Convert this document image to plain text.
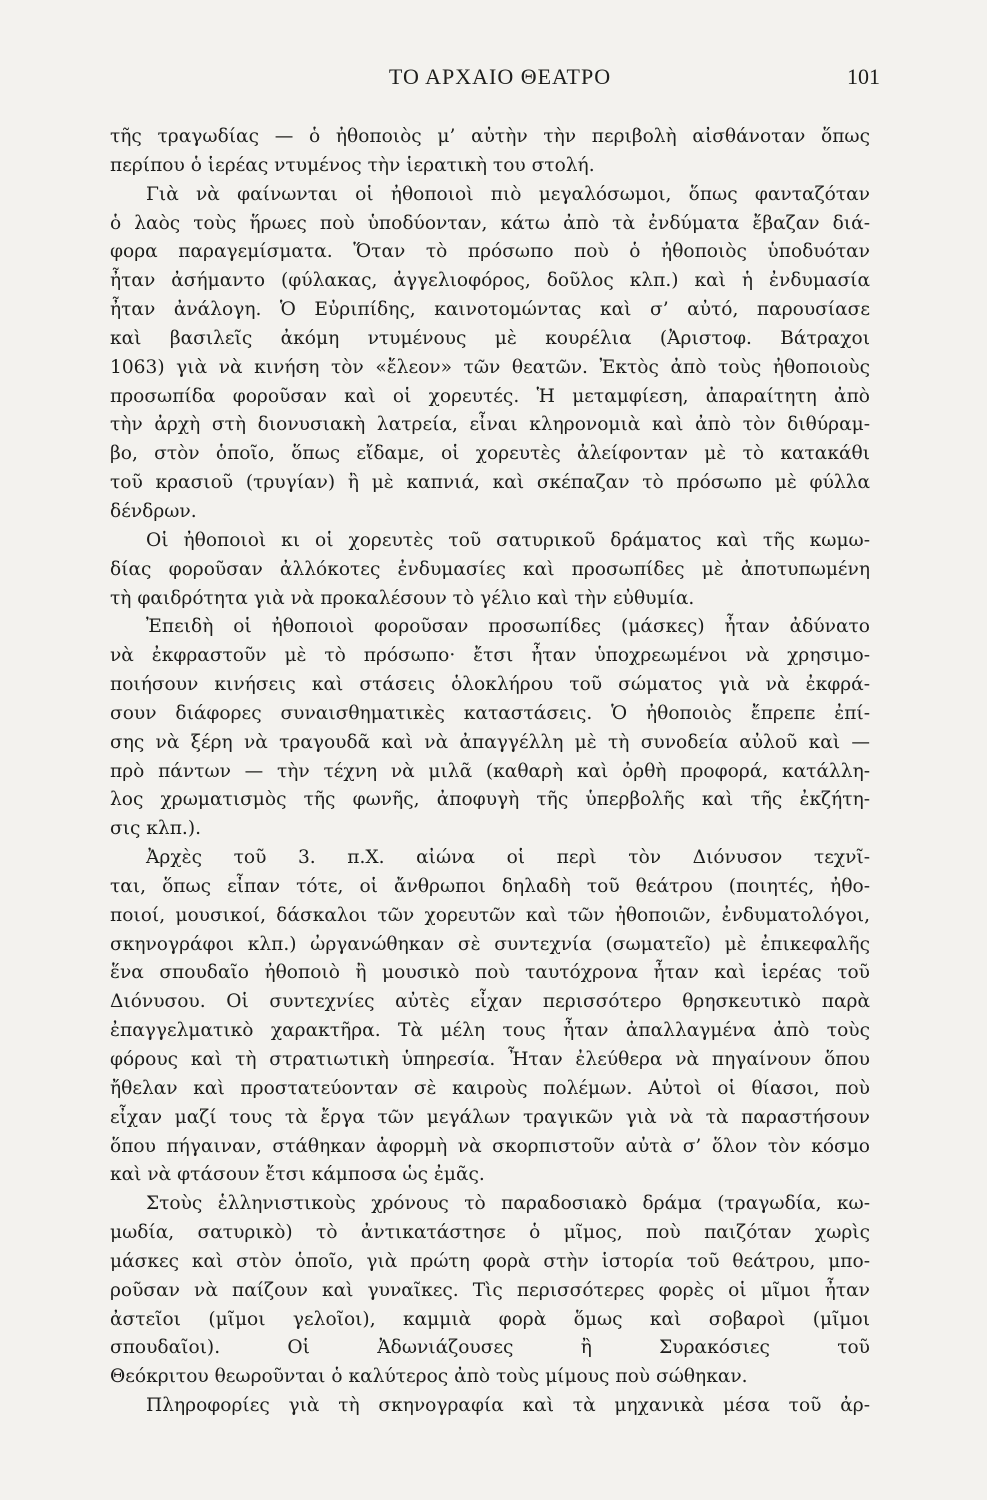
ΤΟ ΑΡΧΑΙΟ ΘΕΑΤΡΟ	101
τῆς τραγωδίας — ὁ ἠθοποιὸς μ’ αὐτὴν τὴν περιβολὴ αἰσθάνοταν ὅπως
περίπου ὁ ἱερέας ντυμένος τὴν ἱερατικὴ του στολή.
Γιὰ νὰ φαίνωνται οἱ ἠθοποιοὶ πιὸ μεγαλόσωμοι, ὅπως φανταζόταν
ὁ λαὸς τοὺς ἥρωες ποὺ ὑποδύονταν, κάτω ἀπὸ τὰ ἐνδύματα ἔβαζαν διά-
φορα παραγεμίσματα. Ὅταν τὸ πρόσωπο ποὺ ὁ ἠθοποιὸς ὑποδυόταν
ἦταν ἀσήμαντο (φύλακας, ἀγγελιοφόρος, δοῦλος κλπ.) καὶ ἡ ἐνδυμασία
ἦταν ἀνάλογη. Ὁ Εὐριπίδης, καινοτομώντας καὶ σ’ αὐτό, παρουσίασε
καὶ βασιλεῖς ἀκόμη ντυμένους μὲ κουρέλια (Ἀριστοφ. Βάτραχοι
1063) γιὰ νὰ κινήση τὸν «ἔλεον» τῶν θεατῶν. Ἐκτὸς ἀπὸ τοὺς ἠθοποιοὺς
προσωπίδα φοροῦσαν καὶ οἱ χορευτές. Ἡ μεταμφίεση, ἀπαραίτητη ἀπὸ
τὴν ἀρχὴ στὴ διονυσιακὴ λατρεία, εἶναι κληρονομιὰ καὶ ἀπὸ τὸν διθύραμ-
βο, στὸν ὁποῖο, ὅπως εἴδαμε, οἱ χορευτὲς ἀλείφονταν μὲ τὸ κατακάθι
τοῦ κρασιοῦ (τρυγίαν) ἢ μὲ καπνιά, καὶ σκέπαζαν τὸ πρόσωπο μὲ φύλλα
δένδρων.
Οἱ ἠθοποιοὶ κι οἱ χορευτὲς τοῦ σατυρικοῦ δράματος καὶ τῆς κωμω-
δίας φοροῦσαν ἀλλόκοτες ἐνδυμασίες καὶ προσωπίδες μὲ ἀποτυπωμένη
τὴ φαιδρότητα γιὰ νὰ προκαλέσουν τὸ γέλιο καὶ τὴν εὐθυμία.
Ἐπειδὴ οἱ ἠθοποιοὶ φοροῦσαν προσωπίδες (μάσκες) ἦταν ἀδύνατο
νὰ ἐκφραστοῦν μὲ τὸ πρόσωπο· ἔτσι ἦταν ὑποχρεωμένοι νὰ χρησιμο-
ποιήσουν κινήσεις καὶ στάσεις ὁλοκλήρου τοῦ σώματος γιὰ νὰ ἐκφρά-
σουν διάφορες συναισθηματικὲς καταστάσεις. Ὁ ἠθοποιὸς ἔπρεπε ἐπί-
σης νὰ ξέρη νὰ τραγουδᾶ καὶ νὰ ἀπαγγέλλη μὲ τὴ συνοδεία αὐλοῦ καὶ —
πρὸ πάντων — τὴν τέχνη νὰ μιλᾶ (καθαρὴ καὶ ὀρθὴ προφορά, κατάλλη-
λος χρωματισμὸς τῆς φωνῆς, ἀποφυγὴ τῆς ὑπερβολῆς καὶ τῆς ἐκζήτη-
σις κλπ.).
Ἀρχὲς τοῦ 3. π.Χ. αἰώνα οἱ περὶ τὸν Διόνυσον τεχνῖ-
ται, ὅπως εἶπαν τότε, οἱ ἄνθρωποι δηλαδὴ τοῦ θεάτρου (ποιητές, ἠθο-
ποιοί, μουσικοί, δάσκαλοι τῶν χορευτῶν καὶ τῶν ἠθοποιῶν, ἐνδυματολόγοι,
σκηνογράφοι κλπ.) ὠργανώθηκαν σὲ συντεχνία (σωματεῖο) μὲ ἐπικεφαλῆς
ἕνα σπουδαῖο ἠθοποιὸ ἢ μουσικὸ ποὺ ταυτόχρονα ἦταν καὶ ἱερέας τοῦ
Διόνυσου. Οἱ συντεχνίες αὐτὲς εἶχαν περισσότερο θρησκευτικὸ παρὰ
ἐπαγγελματικὸ χαρακτῆρα. Τὰ μέλη τους ἦταν ἀπαλλαγμένα ἀπὸ τοὺς
φόρους καὶ τὴ στρατιωτικὴ ὑπηρεσία. Ἦταν ἐλεύθερα νὰ πηγαίνουν ὅπου
ἤθελαν καὶ προστατεύονταν σὲ καιροὺς πολέμων. Αὐτοὶ οἱ θίασοι, ποὺ
εἶχαν μαζί τους τὰ ἔργα τῶν μεγάλων τραγικῶν γιὰ νὰ τὰ παραστήσουν
ὅπου πήγαιναν, στάθηκαν ἀφορμὴ νὰ σκορπιστοῦν αὐτὰ σ’ ὅλον τὸν κόσμο
καὶ νὰ φτάσουν ἔτσι κάμποσα ὡς ἐμᾶς.
Στοὺς ἑλληνιστικοὺς χρόνους τὸ παραδοσιακὸ δράμα (τραγωδία, κω-
μωδία, σατυρικὸ) τὸ ἀντικατάστησε ὁ μῖμος, ποὺ παιζόταν χωρὶς
μάσκες καὶ στὸν ὁποῖο, γιὰ πρώτη φορὰ στὴν ἱστορία τοῦ θεάτρου, μπο-
ροῦσαν νὰ παίζουν καὶ γυναῖκες. Τὶς περισσότερες φορὲς οἱ μῖμοι ἦταν
ἀστεῖοι (μῖμοι γελοῖοι), καμμιὰ φορὰ ὅμως καὶ σοβαροὶ (μῖμοι
σπουδαῖοι). Οἱ Ἀδωνιάζουσες ἢ Συρακόσιες τοῦ
Θεόκριτου θεωροῦνται ὁ καλύτερος ἀπὸ τοὺς μίμους ποὺ σώθηκαν.
Πληροφορίες γιὰ τὴ σκηνογραφία καὶ τὰ μηχανικὰ μέσα τοῦ ἀρ-
